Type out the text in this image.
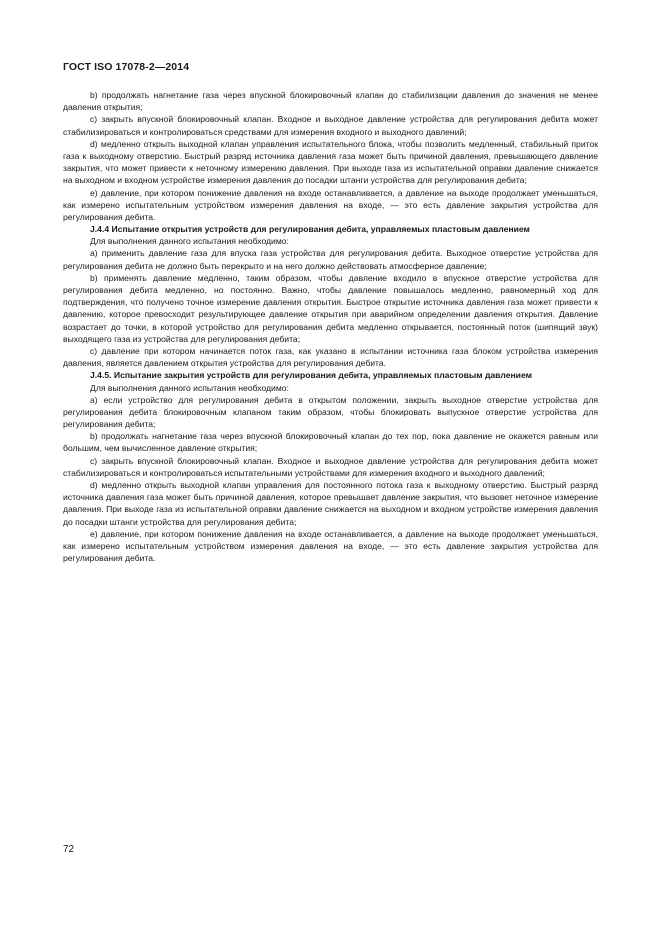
ГОСТ ISO 17078-2—2014

b) продолжать нагнетание газа через впускной блокировочный клапан до стабилизации давления до значения не менее давления открытия;

c) закрыть впускной блокировочный клапан. Входное и выходное давление устройства для регулирования дебита может стабилизироваться и контролироваться средствами для измерения входного и выходного давлений;

d) медленно открыть выходной клапан управления испытательного блока, чтобы позволить медленный, стабильный приток газа к выходному отверстию. Быстрый разряд источника давления газа может быть причиной давления, превышающего давление закрытия, что может привести к неточному измерению давления. При выходе газа из испытательной оправки давление снижается на выходном и входном устройстве измерения давления до посадки штанги устройства для регулирования дебита;

e) давление, при котором понижение давления на входе останавливается, а давление на выходе продолжает уменьшаться, как измерено испытательным устройством измерения давления на входе, — это есть давление закрытия устройства для регулирования дебита.

J.4.4 Испытание открытия устройств для регулирования дебита, управляемых пластовым давлением

Для выполнения данного испытания необходимо:

a) применить давление газа для впуска газа устройства для регулирования дебита. Выходное отверстие устройства для регулирования дебита не должно быть перекрыто и на него должно действовать атмосферное давление;

b) применять давление медленно, таким образом, чтобы давление входило в впускное отверстие устройства для регулирования дебита медленно, но постоянно. Важно, чтобы давление повышалось медленно, равномерный ход для подтверждения, что получено точное измерение давления открытия. Быстрое открытие источника давления газа может привести к давлению, которое превосходит результирующее давление открытия при аварийном определении давления открытия. Давление возрастает до точки, в которой устройство для регулирования дебита медленно открывается, постоянный поток (шипящий звук) выходящего газа из устройства для регулирования дебита;

c) давление при котором начинается поток газа, как указано в испытании источника газа блоком устройства измерения давления, является давлением открытия устройства для регулирования дебита.

J.4.5. Испытание закрытия устройств для регулирования дебита, управляемых пластовым давлением

Для выполнения данного испытания необходимо:

a) если устройство для регулирования дебита в открытом положении, закрыть выходное отверстие устройства для регулирования дебита блокировочным клапаном таким образом, чтобы блокировать выпускное отверстие устройства для регулирования дебита;

b) продолжать нагнетание газа через впускной блокировочный клапан до тех пор, пока давление не окажется равным или большим, чем вычисленное давление открытия;

c) закрыть впускной блокировочный клапан. Входное и выходное давление устройства для регулирования дебита может стабилизироваться и контролироваться испытательными устройствами для измерения входного и выходного давлений;

d) медленно открыть выходной клапан управления для постоянного потока газа к выходному отверстию. Быстрый разряд источника давления газа может быть причиной давления, которое превышает давление закрытия, что вызовет неточное измерение давления. При выходе газа из испытательной оправки давление снижается на выходном и входном устройстве измерения давления до посадки штанги устройства для регулирования дебита;

e) давление, при котором понижение давления на входе останавливается, а давление на выходе продолжает уменьшаться, как измерено испытательным устройством измерения давления на входе, — это есть давление закрытия устройства для регулирования дебита.

72
